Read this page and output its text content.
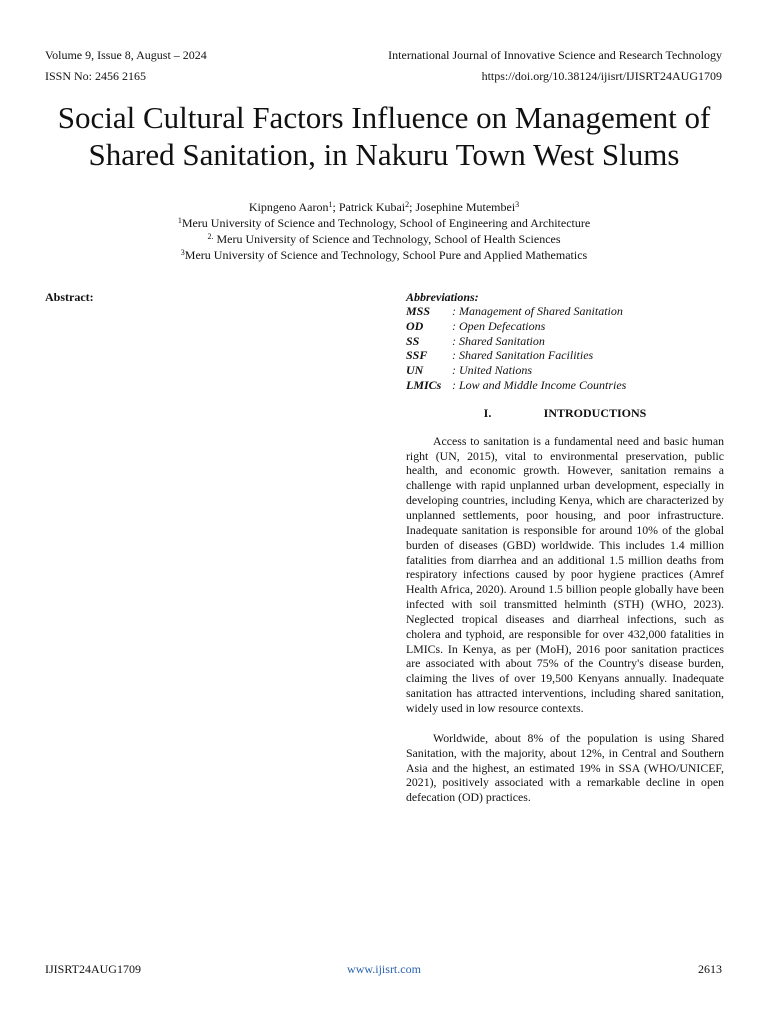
Volume 9, Issue 8, August – 2024
ISSN No: 2456 2165
International Journal of Innovative Science and Research Technology
https://doi.org/10.38124/ijisrt/IJISRT24AUG1709
Social Cultural Factors Influence on Management of
Shared Sanitation, in Nakuru Town West Slums
Kipngeno Aaron$^1$; Patrick Kubai$^2$; Josephine Mutembei$^3$
$^1$Meru University of Science and Technology, School of Engineering and Architecture
$^{2.}$ Meru University of Science and Technology, School of Health Sciences
$^3$Meru University of Science and Technology, School Pure and Applied Mathematics
Abstract:	Abbreviations:
MSS	: Management of Shared Sanitation
OD	: Open Defecations
SS	: Shared Sanitation
SSF	: Shared Sanitation Facilities
UN	: United Nations
LMICs : Low and Middle Income Countries
I.	INTRODUCTIONS

Access to sanitation is a fundamental need and basic human right (UN, 2015), vital to environmental preservation, public health, and economic growth. However, sanitation remains a challenge with rapid unplanned urban development, especially in developing countries, including Kenya, which are characterized by unplanned settlements, poor housing, and poor infrastructure. Inadequate sanitation is responsible for around 10% of the global burden of diseases (GBD) worldwide. This includes 1.4 million fatalities from diarrhea and an additional 1.5 million deaths from respiratory infections caused by poor hygiene practices (Amref Health Africa, 2020). Around 1.5 billion people globally have been infected with soil transmitted helminth (STH) (WHO, 2023). Neglected tropical diseases and diarrheal infections, such as cholera and typhoid, are responsible for over 432,000 fatalities in LMICs. In Kenya, as per (MoH), 2016 poor sanitation practices are associated with about 75% of the Country's disease burden, claiming the lives of over 19,500 Kenyans annually. Inadequate sanitation has attracted interventions, including shared sanitation, widely used in low resource contexts.

Worldwide, about 8% of the population is using Shared Sanitation, with the majority, about 12%, in Central and Southern Asia and the highest, an estimated 19% in SSA (WHO/UNICEF, 2021), positively associated with a remarkable decline in open defecation (OD) practices.

IJISRT24AUG1709	www.ijisrt.com	2613
